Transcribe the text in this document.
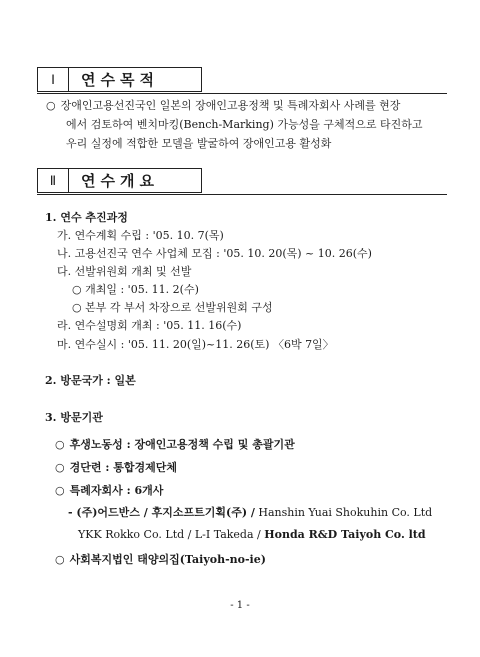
Ⅰ	연수목적
○ 장애인고용선진국인 일본의 장애인고용정책 및 특례자회사 사례를 현장
에서 검토하여 벤치마킹(Bench-Marking) 가능성을 구체적으로 타진하고
우리 실정에 적합한 모델을 발굴하여 장애인고용 활성화
Ⅱ	연수개요
1. 연수 추진과정
가. 연수계획 수립 : '05. 10. 7(목)
나. 고용선진국 연수 사업체 모집 : '05. 10. 20(목) ~ 10. 26(수)
다. 선발위원회 개최 및 선발
○ 개최일 : '05. 11. 2(수)
○ 본부 각 부서 차장으로 선발위원회 구성
라. 연수설명회 개최 : '05. 11. 16(수)
마. 연수실시 : '05. 11. 20(일)~11. 26(토) 〈6박 7일〉
2. 방문국가 : 일본
3. 방문기관
○ 후생노동성 : 장애인고용정책 수립 및 총괄기관
○ 경단련 : 통합경제단체
○ 특례자회사 : 6개사
- (주)어드반스 / 후지소프트기획(주) / Hanshin Yuai Shokuhin Co. Ltd
YKK Rokko Co. Ltd / L-I Takeda / Honda R&D Taiyoh Co. ltd
○ 사회복지법인 태양의집(Taiyoh-no-ie)
- 1 -
